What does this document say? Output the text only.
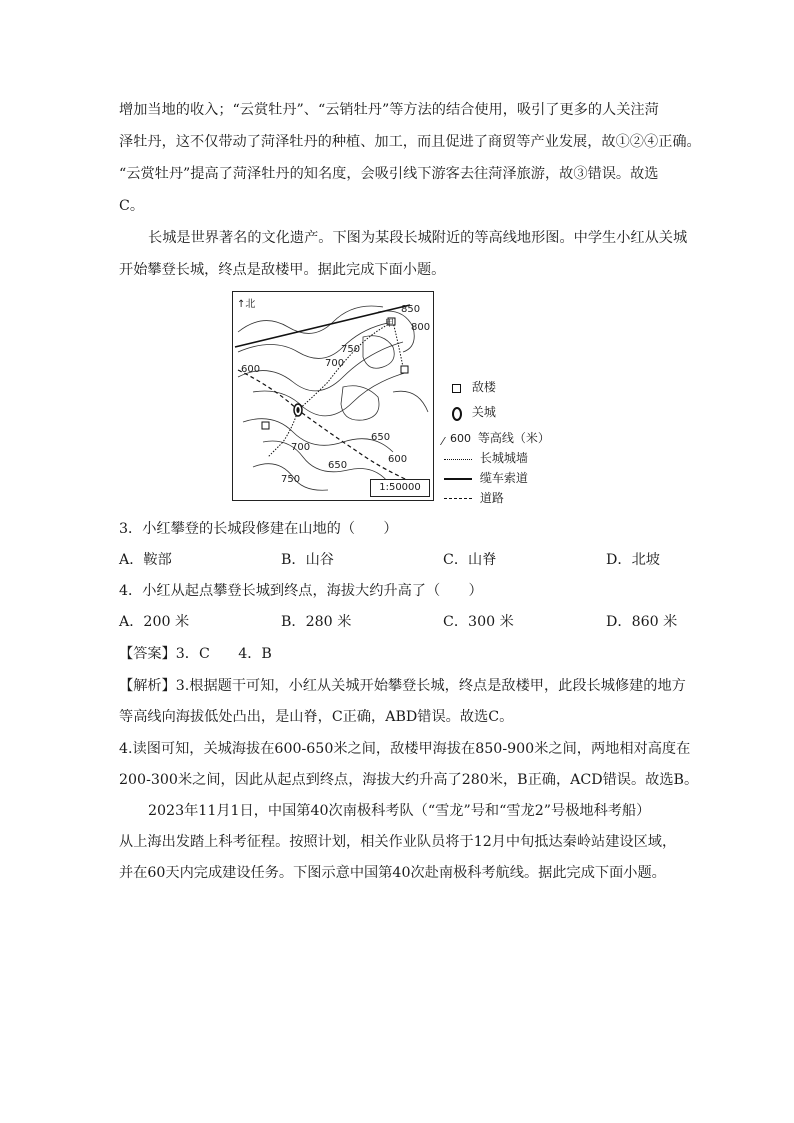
增加当地的收入；“云赏牡丹”、“云销牡丹”等方法的结合使用，吸引了更多的人关注菏
泽牡丹，这不仅带动了菏泽牡丹的种植、加工，而且促进了商贸等产业发展，故①②④正确。
“云赏牡丹”提高了菏泽牡丹的知名度，会吸引线下游客去往菏泽旅游，故③错误。故选
C。
长城是世界著名的文化遗产。下图为某段长城附近的等高线地形图。中学生小红从关城
开始攀登长城，终点是敌楼甲。据此完成下面小题。
↑北	850
800
750
700
600
650
600
650
700
750
甲
1:50000
敌楼
关城
⁄ 600 等高线（米）
长城城墙
缆车索道
道路
3．小红攀登的长城段修建在山地的（　　）
A．鞍部	B．山谷	C．山脊	D．北坡
4．小红从起点攀登长城到终点，海拔大约升高了（　　）
A．200 米	B．280 米	C．300 米	D．860 米
【答案】3．C　　4．B
【解析】3.根据题干可知，小红从关城开始攀登长城，终点是敌楼甲，此段长城修建的地方
等高线向海拔低处凸出，是山脊，C正确，ABD错误。故选C。
4.读图可知，关城海拔在600-650米之间，敌楼甲海拔在850-900米之间，两地相对高度在
200-300米之间，因此从起点到终点，海拔大约升高了280米，B正确，ACD错误。故选B。
2023年11月1日，中国第40次南极科考队（“雪龙”号和“雪龙2”号极地科考船）
从上海出发踏上科考征程。按照计划，相关作业队员将于12月中旬抵达秦岭站建设区域，
并在60天内完成建设任务。下图示意中国第40次赴南极科考航线。据此完成下面小题。
